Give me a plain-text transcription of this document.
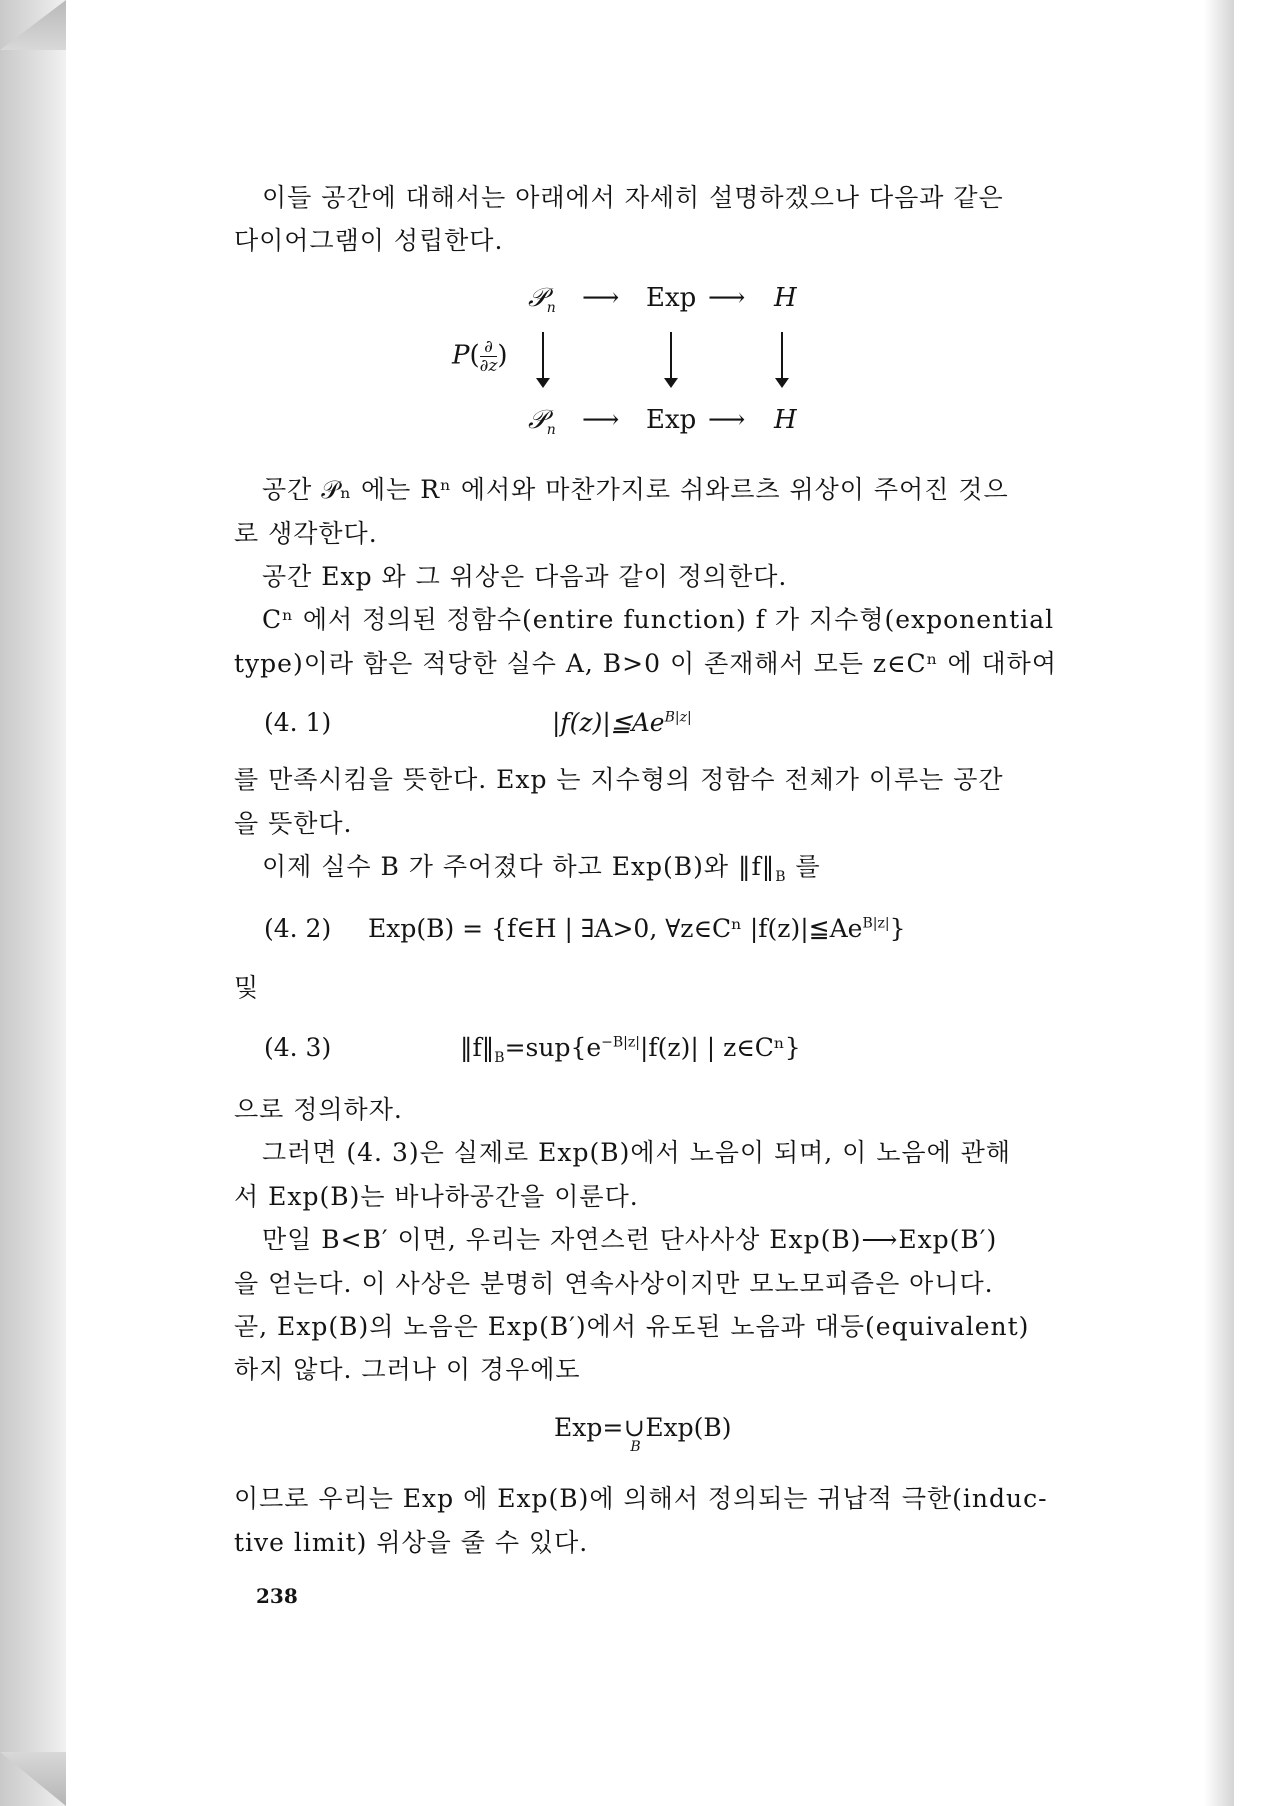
이들 공간에 대해서는 아래에서 자세히 설명하겠으나 다음과 같은

다이어그램이 성립한다.

𝒫$_n$ ⟶ Exp ⟶ H
$P( \frac{\partial}{\partial z}$ )
𝒫$_n$ ⟶ Exp ⟶ H

공간 𝒫ₙ 에는 Rⁿ 에서와 마찬가지로 쉬와르츠 위상이 주어진 것으

로 생각한다.

공간 Exp 와 그 위상은 다음과 같이 정의한다.

Cⁿ 에서 정의된 정함수(entire function) f 가 지수형(exponential

type)이라 함은 적당한 실수 A, B>0 이 존재해서 모든 z∈Cⁿ 에 대하여

(4. 1)	$|f(z)|≦Ae^{B|z|}$

를 만족시킴을 뜻한다. Exp 는 지수형의 정함수 전체가 이루는 공간

을 뜻한다.

이제 실수 B 가 주어졌다 하고 Exp(B)와 $‖f‖_B$ 를

(4. 2) Exp(B) = {f∈H | ∃A>0, ∀z∈Cⁿ $|f(z)|≦Ae^{B|z|}$}

및

(4. 3)	$‖f‖_B=sup\{e^{-B|z|}|f(z)|$ | z∈Cⁿ}

으로 정의하자.

그러면 (4. 3)은 실제로 Exp(B)에서 노음이 되며, 이 노음에 관해

서 Exp(B)는 바나하공간을 이룬다.

만일 B<B′ 이면, 우리는 자연스런 단사사상 Exp(B)⟶Exp(B′)

을 얻는다. 이 사상은 분명히 연속사상이지만 모노모피즘은 아니다.

곧, Exp(B)의 노음은 Exp(B′)에서 유도된 노음과 대등(equivalent)

하지 않다. 그러나 이 경우에도

Exp=∪
B
Exp(B)

이므로 우리는 Exp 에 Exp(B)에 의해서 정의되는 귀납적 극한(induc-

tive limit) 위상을 줄 수 있다.

238
